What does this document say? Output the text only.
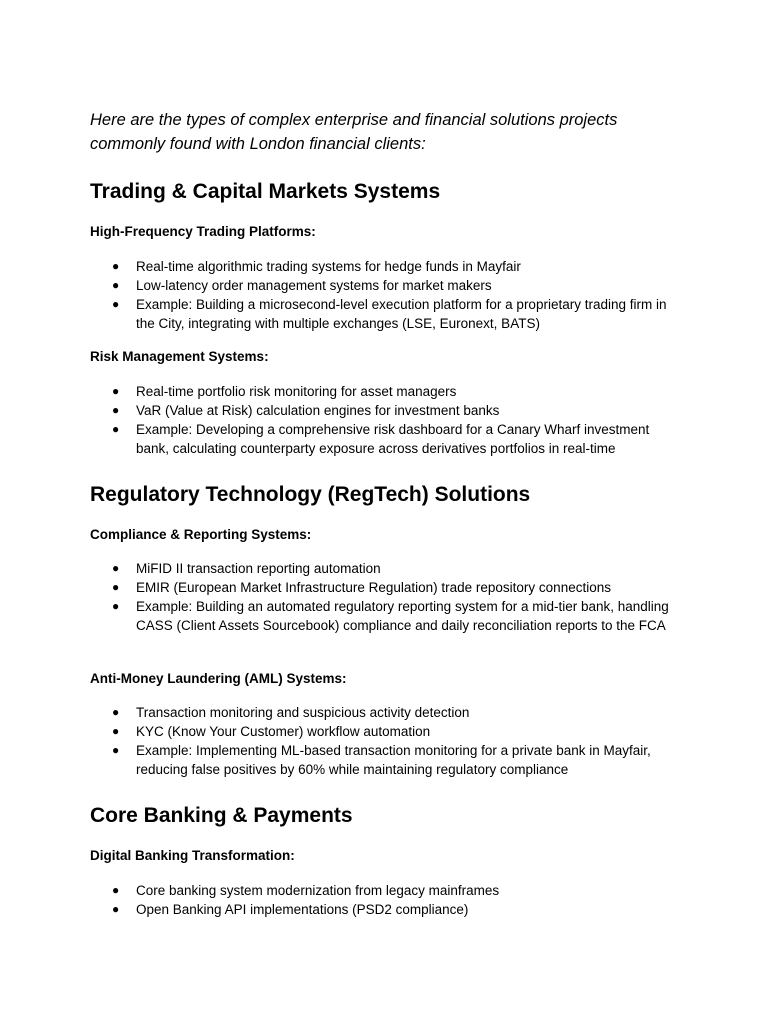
Here are the types of complex enterprise and financial solutions projects commonly found with London financial clients:

Trading & Capital Markets Systems
High-Frequency Trading Platforms:
●	Real-time algorithmic trading systems for hedge funds in Mayfair
●	Low-latency order management systems for market makers
●	Example: Building a microsecond-level execution platform for a proprietary trading firm in the City, integrating with multiple exchanges (LSE, Euronext, BATS)
Risk Management Systems:
●	Real-time portfolio risk monitoring for asset managers
●	VaR (Value at Risk) calculation engines for investment banks
●	Example: Developing a comprehensive risk dashboard for a Canary Wharf investment bank, calculating counterparty exposure across derivatives portfolios in real-time
Regulatory Technology (RegTech) Solutions
Compliance & Reporting Systems:
●	MiFID II transaction reporting automation
●	EMIR (European Market Infrastructure Regulation) trade repository connections
●	Example: Building an automated regulatory reporting system for a mid-tier bank, handling CASS (Client Assets Sourcebook) compliance and daily reconciliation reports to the FCA
Anti-Money Laundering (AML) Systems:
●	Transaction monitoring and suspicious activity detection
●	KYC (Know Your Customer) workflow automation
●	Example: Implementing ML-based transaction monitoring for a private bank in Mayfair, reducing false positives by 60% while maintaining regulatory compliance
Core Banking & Payments
Digital Banking Transformation:
●	Core banking system modernization from legacy mainframes
●	Open Banking API implementations (PSD2 compliance)
